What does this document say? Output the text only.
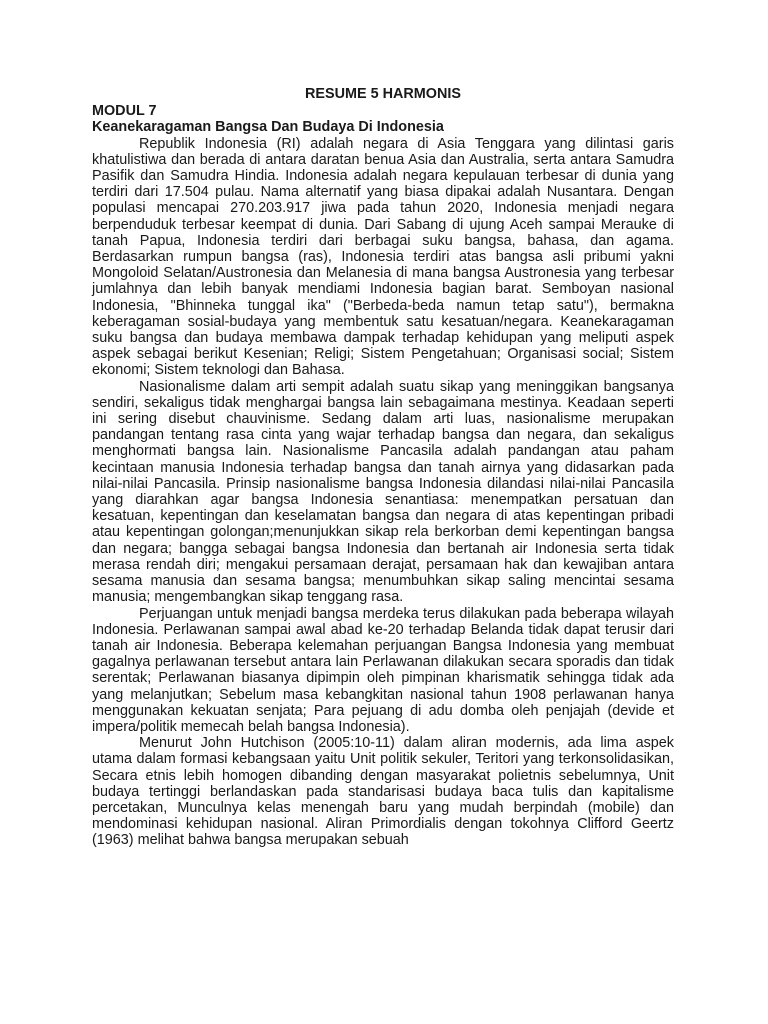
RESUME 5 HARMONIS
MODUL 7
Keanekaragaman Bangsa Dan Budaya Di Indonesia

Republik Indonesia (RI) adalah negara di Asia Tenggara yang dilintasi garis khatulistiwa dan berada di antara daratan benua Asia dan Australia, serta antara Samudra Pasifik dan Samudra Hindia. Indonesia adalah negara kepulauan terbesar di dunia yang terdiri dari 17.504 pulau. Nama alternatif yang biasa dipakai adalah Nusantara. Dengan populasi mencapai 270.203.917 jiwa pada tahun 2020, Indonesia menjadi negara berpenduduk terbesar keempat di dunia. Dari Sabang di ujung Aceh sampai Merauke di tanah Papua, Indonesia terdiri dari berbagai suku bangsa, bahasa, dan agama. Berdasarkan rumpun bangsa (ras), Indonesia terdiri atas bangsa asli pribumi yakni Mongoloid Selatan/Austronesia dan Melanesia di mana bangsa Austronesia yang terbesar jumlahnya dan lebih banyak mendiami Indonesia bagian barat. Semboyan nasional Indonesia, "Bhinneka tunggal ika" ("Berbeda-beda namun tetap satu"), bermakna keberagaman sosial-budaya yang membentuk satu kesatuan/negara. Keanekaragaman suku bangsa dan budaya membawa dampak terhadap kehidupan yang meliputi aspek aspek sebagai berikut Kesenian; Religi; Sistem Pengetahuan; Organisasi social; Sistem ekonomi; Sistem teknologi dan Bahasa.

Nasionalisme dalam arti sempit adalah suatu sikap yang meninggikan bangsanya sendiri, sekaligus tidak menghargai bangsa lain sebagaimana mestinya. Keadaan seperti ini sering disebut chauvinisme. Sedang dalam arti luas, nasionalisme merupakan pandangan tentang rasa cinta yang wajar terhadap bangsa dan negara, dan sekaligus menghormati bangsa lain. Nasionalisme Pancasila adalah pandangan atau paham kecintaan manusia Indonesia terhadap bangsa dan tanah airnya yang didasarkan pada nilai-nilai Pancasila. Prinsip nasionalisme bangsa Indonesia dilandasi nilai-nilai Pancasila yang diarahkan agar bangsa Indonesia senantiasa: menempatkan persatuan dan kesatuan, kepentingan dan keselamatan bangsa dan negara di atas kepentingan pribadi atau kepentingan golongan;menunjukkan sikap rela berkorban demi kepentingan bangsa dan negara; bangga sebagai bangsa Indonesia dan bertanah air Indonesia serta tidak merasa rendah diri; mengakui persamaan derajat, persamaan hak dan kewajiban antara sesama manusia dan sesama bangsa; menumbuhkan sikap saling mencintai sesama manusia; mengembangkan sikap tenggang rasa.

Perjuangan untuk menjadi bangsa merdeka terus dilakukan pada beberapa wilayah Indonesia. Perlawanan sampai awal abad ke-20 terhadap Belanda tidak dapat terusir dari tanah air Indonesia. Beberapa kelemahan perjuangan Bangsa Indonesia yang membuat gagalnya perlawanan tersebut antara lain Perlawanan dilakukan secara sporadis dan tidak serentak; Perlawanan biasanya dipimpin oleh pimpinan kharismatik sehingga tidak ada yang melanjutkan; Sebelum masa kebangkitan nasional tahun 1908 perlawanan hanya menggunakan kekuatan senjata; Para pejuang di adu domba oleh penjajah (devide et impera/politik memecah belah bangsa Indonesia).

Menurut John Hutchison (2005:10-11) dalam aliran modernis, ada lima aspek utama dalam formasi kebangsaan yaitu Unit politik sekuler, Teritori yang terkonsolidasikan, Secara etnis lebih homogen dibanding dengan masyarakat polietnis sebelumnya, Unit budaya tertinggi berlandaskan pada standarisasi budaya baca tulis dan kapitalisme percetakan, Munculnya kelas menengah baru yang mudah berpindah (mobile) dan mendominasi kehidupan nasional. Aliran Primordialis dengan tokohnya Clifford Geertz (1963) melihat bahwa bangsa merupakan sebuah
